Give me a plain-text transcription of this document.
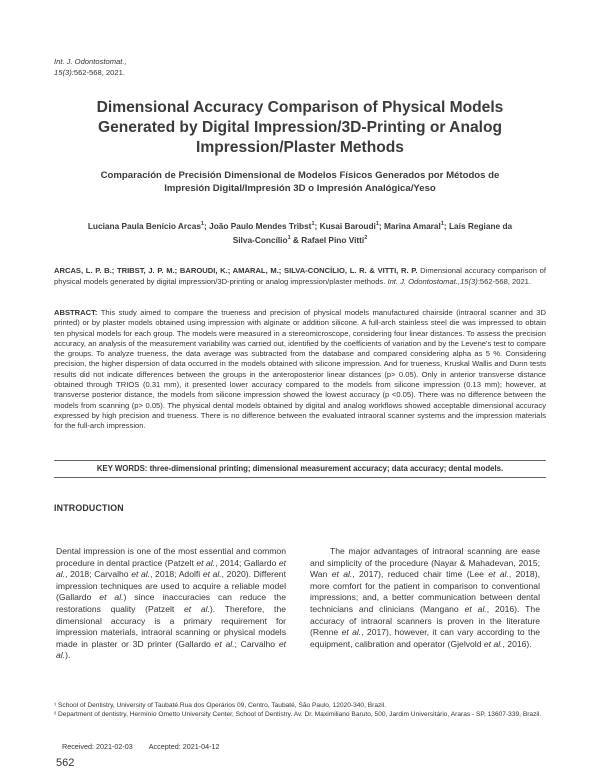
Int. J. Odontostomat.,
15(3):562-568, 2021.
Dimensional Accuracy Comparison of Physical Models Generated by Digital Impression/3D-Printing or Analog Impression/Plaster Methods
Comparación de Precisión Dimensional de Modelos Físicos Generados por Métodos de Impresión Digital/Impresión 3D o Impresión Analógica/Yeso
Luciana Paula Benício Arcas$^1$; João Paulo Mendes Tribst$^1$; Kusai Baroudi$^1$; Marina Amaral$^1$; Laís Regiane da Silva-Concílio$^1$ & Rafael Pino Vitti$^2$
ARCAS, L. P. B.; TRIBST, J. P. M.; BAROUDI, K.; AMARAL, M.; SILVA-CONCÍLIO, L. R. & VITTI, R. P. Dimensional accuracy comparison of physical models generated by digital impression/3D-printing or analog impression/plaster methods. Int. J. Odontostomat.,15(3):562-568, 2021.
ABSTRACT: This study aimed to compare the trueness and precision of physical models manufactured chairside (intraoral scanner and 3D printed) or by plaster models obtained using impression with alginate or addition silicone. A full-arch stainless steel die was impressed to obtain ten physical models for each group. The models were measured in a stereomicroscope, considering four linear distances. To assess the precision accuracy, an analysis of the measurement variability was carried out, identified by the coefficients of variation and by the Levene's test to compare the groups. To analyze trueness, the data average was subtracted from the database and compared considering alpha as 5 %. Considering precision, the higher dispersion of data occurred in the models obtained with silicone impression. And for trueness, Kruskal Wallis and Dunn tests results did not indicate differences between the groups in the anteroposterior linear distances (p> 0.05). Only in anterior transverse distance obtained through TRIOS (0.31 mm), it presented lower accuracy compared to the models from silicone impression (0.13 mm); however, at transverse posterior distance, the models from silicone impression showed the lowest accuracy (p <0.05). There was no difference between the models from scanning (p> 0.05). The physical dental models obtained by digital and analog workflows showed acceptable dimensional accuracy expressed by high precision and trueness. There is no difference between the evaluated intraoral scanner systems and the impression materials for the full-arch impression.
KEY WORDS: three-dimensional printing; dimensional measurement accuracy; data accuracy; dental models.
INTRODUCTION
Dental impression is one of the most essential and common procedure in dental practice (Patzelt et al., 2014; Gallardo et al., 2018; Carvalho et al., 2018; Adolfi et al., 2020). Different impression techniques are used to acquire a reliable model (Gallardo et al.) since inaccuracies can reduce the restorations quality (Patzelt et al.). Therefore, the dimensional accuracy is a primary requirement for impression materials, intraoral scanning or physical models made in plaster or 3D printer (Gallardo et al.; Carvalho et al.).
The major advantages of intraoral scanning are ease and simplicity of the procedure (Nayar & Mahadevan, 2015; Wan et al., 2017), reduced chair time (Lee et al., 2018), more comfort for the patient in comparison to conventional impressions; and, a better communication between dental technicians and clinicians (Mangano et al., 2016). The accuracy of intraoral scanners is proven in the literature (Renne et al., 2017), however, it can vary according to the equipment, calibration and operator (Gjelvold et al., 2016).
¹ School of Dentistry, University of Taubaté.Rua dos Operários 09, Centro, Taubaté, São Paulo, 12020-340, Brazil.
² Department of dentistry, Hermínio Ometto University Center, School of Dentistry. Av. Dr. Maximiliano Baruto, 500, Jardim Universitário, Araras - SP, 13607-339, Brazil.
Received: 2021-02-03 Accepted: 2021-04-12
562
